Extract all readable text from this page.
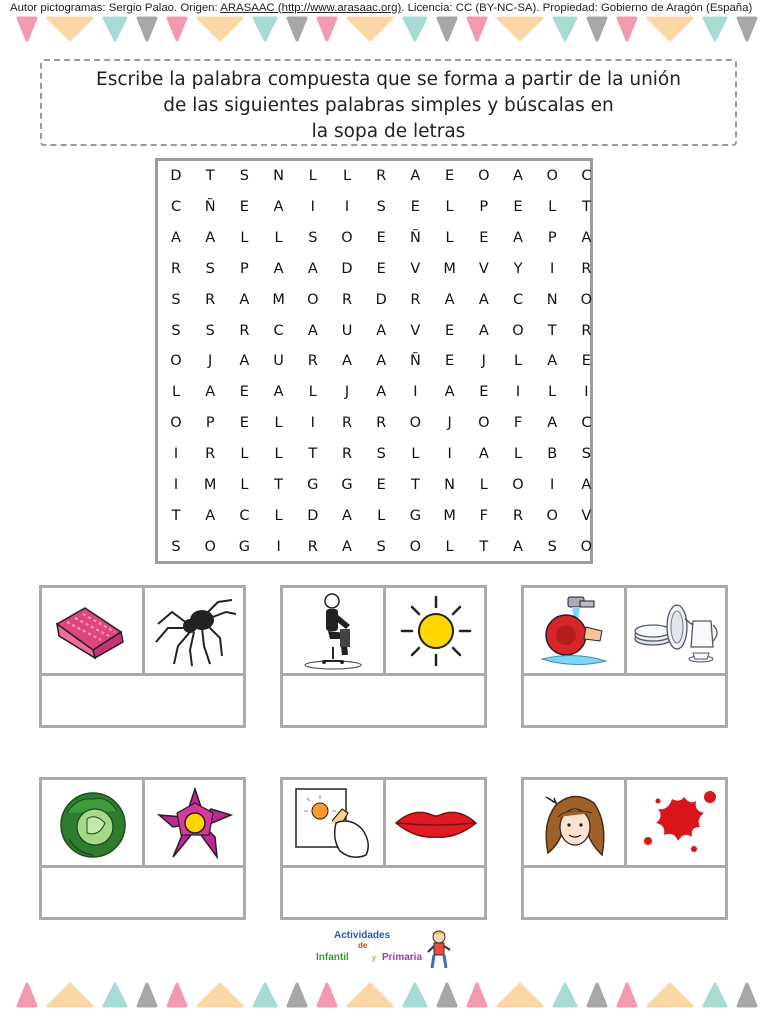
Autor pictogramas: Sergio Palao. Origen: ARASAAC (http://www.arasaac.org). Licencia: CC (BY-NC-SA). Propiedad: Gobierno de Aragón (España)
Escribe la palabra compuesta que se forma a partir de la unión
de las siguientes palabras simples y búscalas en
la sopa de letras
D	T	S	N	L	L	R	A	E	O	A	O	C
C	Ñ	E	A	I	I	S	E	L	P	E	L	T
A	A	L	L	S	O	E	Ñ	L	E	A	P	A
R	S	P	A	A	D	E	V	M	V	Y	I	R
S	R	A	M	O	R	D	R	A	A	C	N	O
S	S	R	C	A	U	A	V	E	A	O	T	R
O	J	A	U	R	A	A	Ñ	E	J	L	A	E
L	A	E	A	L	J	A	I	A	E	I	L	I
O	P	E	L	I	R	R	O	J	O	F	A	C
I	R	L	L	T	R	S	L	I	A	L	B	S
I	M	L	T	G	G	E	T	N	L	O	I	A
T	A	C	L	D	A	L	G	M	F	R	O	V
S	O	G	I	R	A	S	O	L	T	A	S	O
Actividades
de
Infantil	y Primaria
